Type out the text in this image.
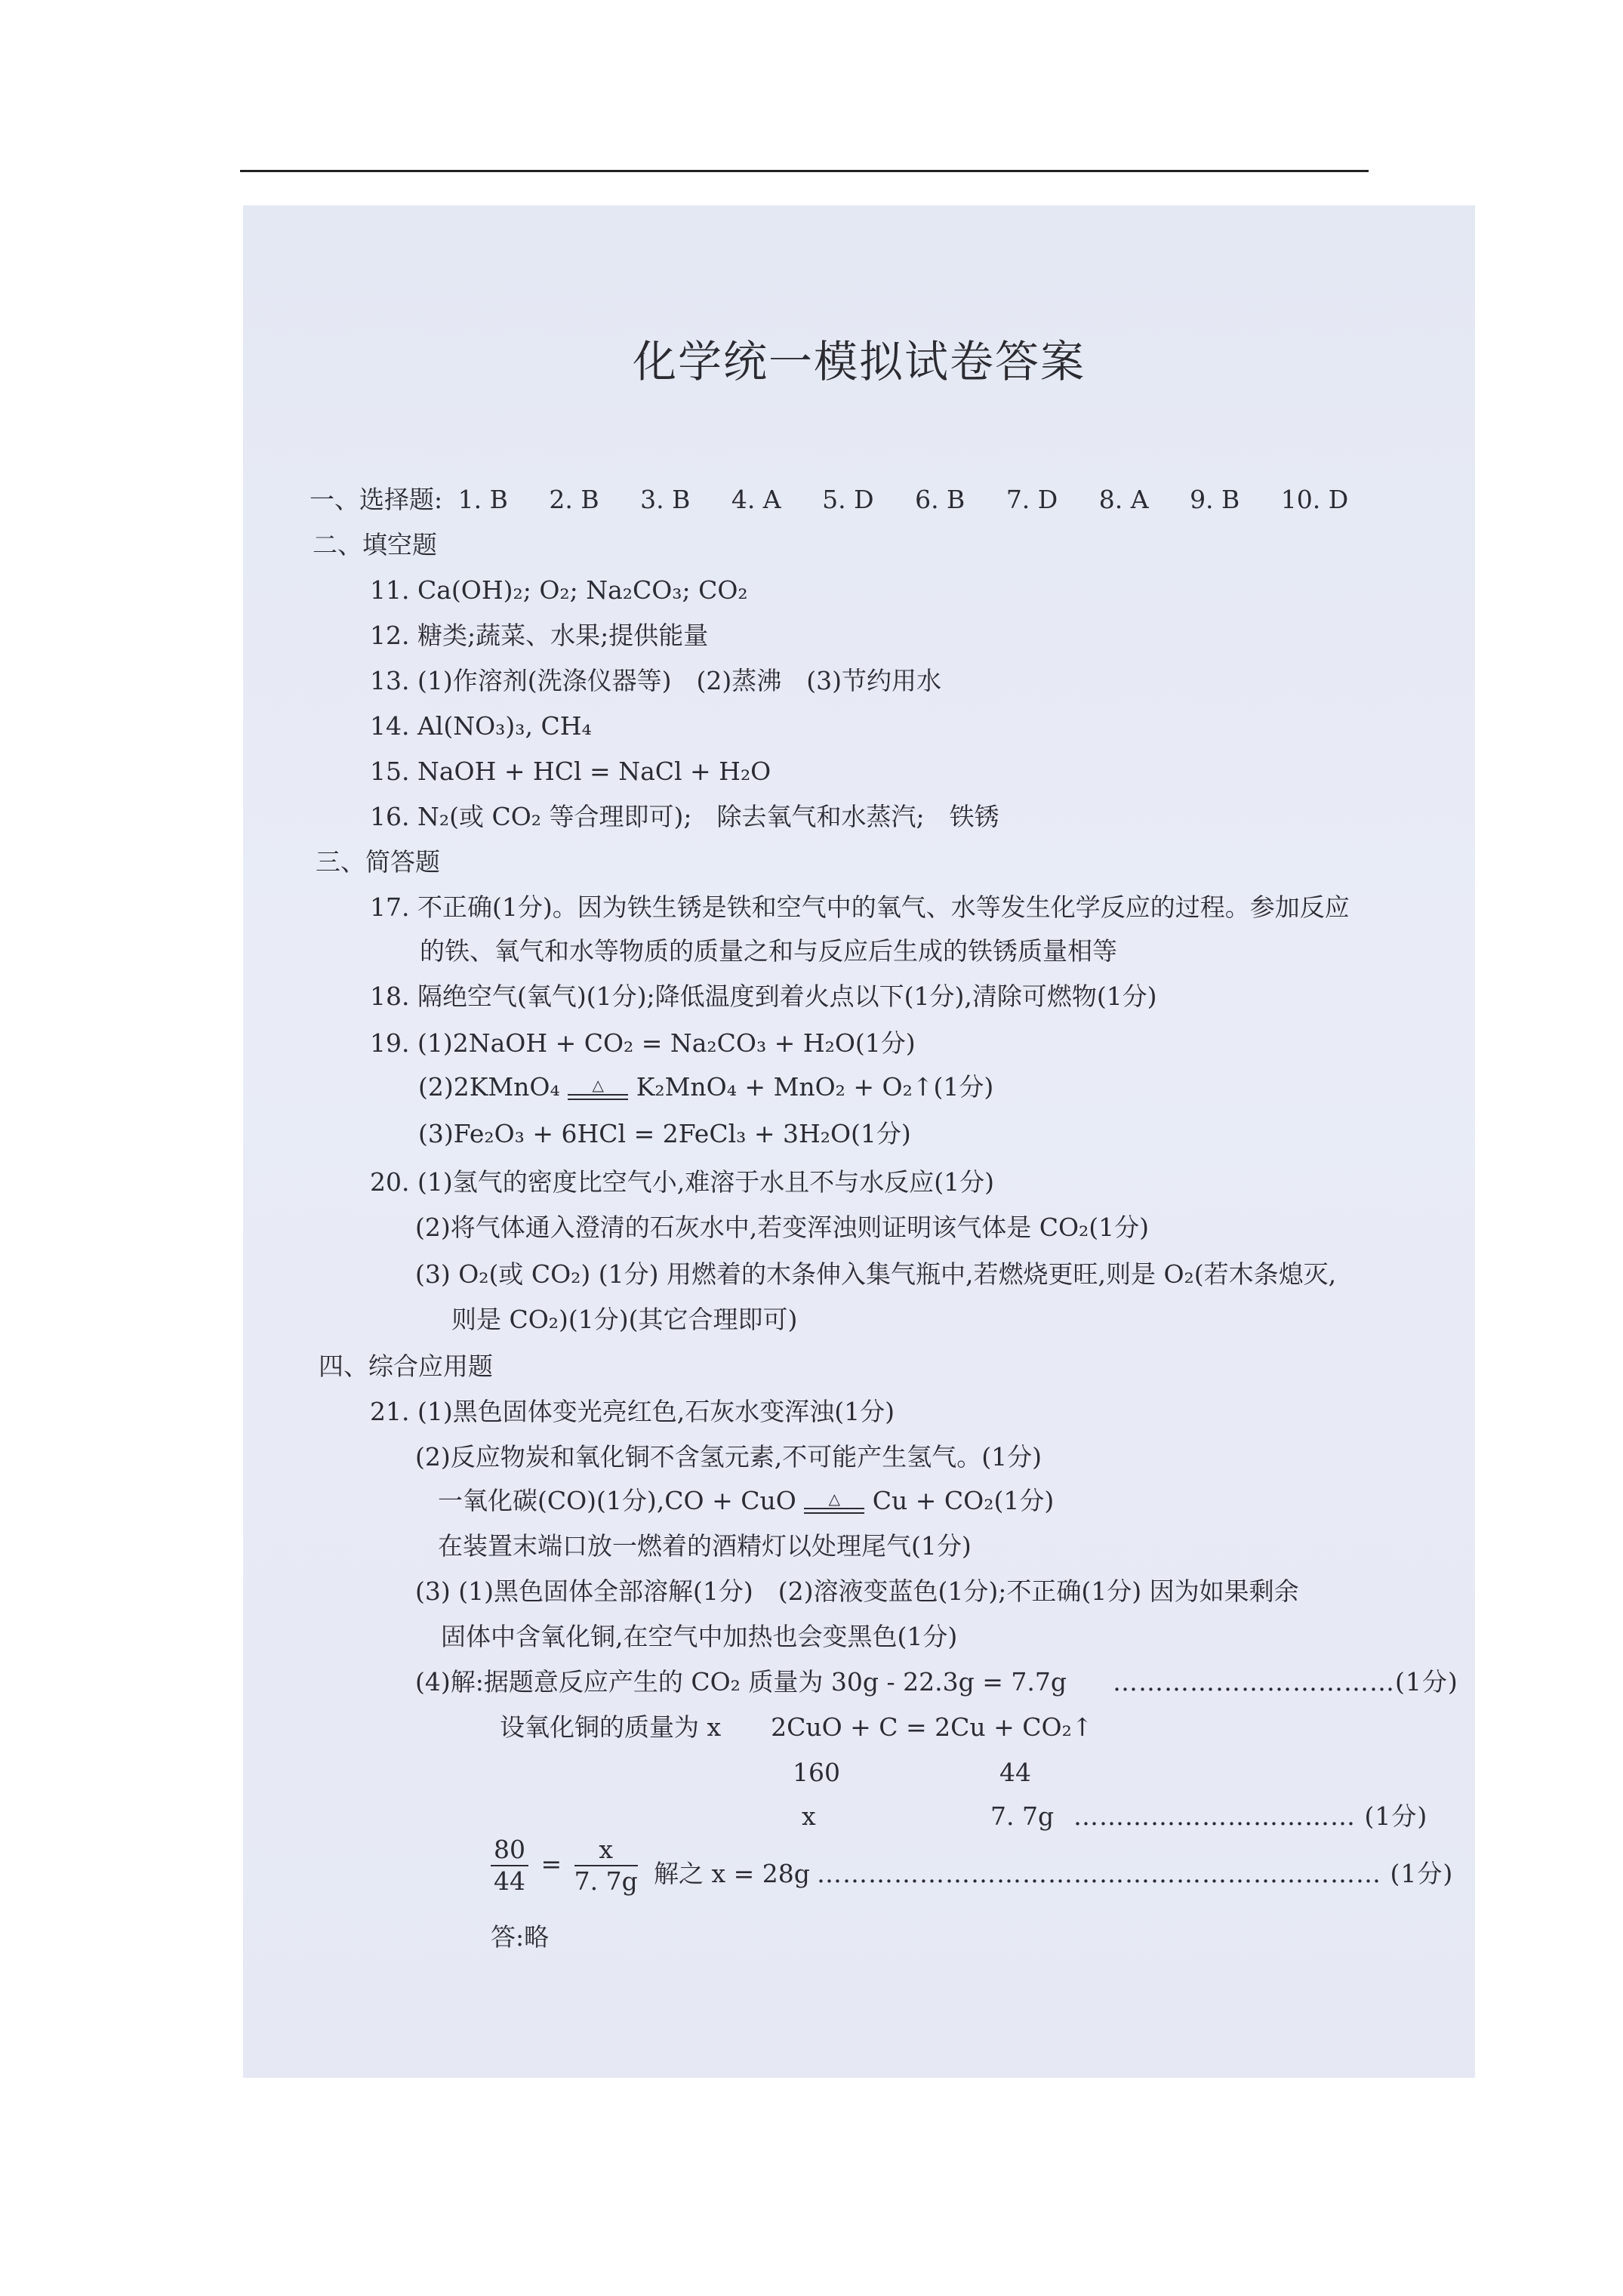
化学统一模拟试卷答案
一、选择题: 1. B 2. B 3. B 4. A 5. D 6. B 7. D 8. A 9. B 10. D
二、填空题
11. Ca(OH)₂; O₂; Na₂CO₃; CO₂
12. 糖类;蔬菜、水果;提供能量
13. (1)作溶剂(洗涤仪器等)　(2)蒸沸　(3)节约用水
14. Al(NO₃)₃, CH₄
15. NaOH + HCl = NaCl + H₂O
16. N₂(或 CO₂ 等合理即可);　除去氧气和水蒸汽;　铁锈
三、简答题
17. 不正确(1分)。因为铁生锈是铁和空气中的氧气、水等发生化学反应的过程。参加反应
的铁、氧气和水等物质的质量之和与反应后生成的铁锈质量相等
18. 隔绝空气(氧气)(1分);降低温度到着火点以下(1分),清除可燃物(1分)
19. (1)2NaOH + CO₂ = Na₂CO₃ + H₂O(1分)
(2)2KMnO₄	△	K₂MnO₄ + MnO₂ + O₂↑(1分)
(3)Fe₂O₃ + 6HCl = 2FeCl₃ + 3H₂O(1分)
20. (1)氢气的密度比空气小,难溶于水且不与水反应(1分)
(2)将气体通入澄清的石灰水中,若变浑浊则证明该气体是 CO₂(1分)
(3) O₂(或 CO₂) (1分) 用燃着的木条伸入集气瓶中,若燃烧更旺,则是 O₂(若木条熄灭,
则是 CO₂)(1分)(其它合理即可)
四、综合应用题
21. (1)黑色固体变光亮红色,石灰水变浑浊(1分)
(2)反应物炭和氧化铜不含氢元素,不可能产生氢气。(1分)
一氧化碳(CO)(1分),CO + CuO	△	Cu + CO₂(1分)
在装置末端口放一燃着的酒精灯以处理尾气(1分)
(3) (1)黑色固体全部溶解(1分)　(2)溶液变蓝色(1分);不正确(1分) 因为如果剩余
固体中含氧化铜,在空气中加热也会变黑色(1分)
(4)解:据题意反应产生的 CO₂ 质量为 30g - 22.3g = 7.7g ……………………………(1分)
设氧化铜的质量为 x　　2CuO + C = 2Cu + CO₂↑
160	44
x	7. 7g …………………………… (1分)
$\frac{80}{44} = \frac{x}{7. 7g}$ 解之 x = 28g ………………………………………………………… (1分)
答:略
